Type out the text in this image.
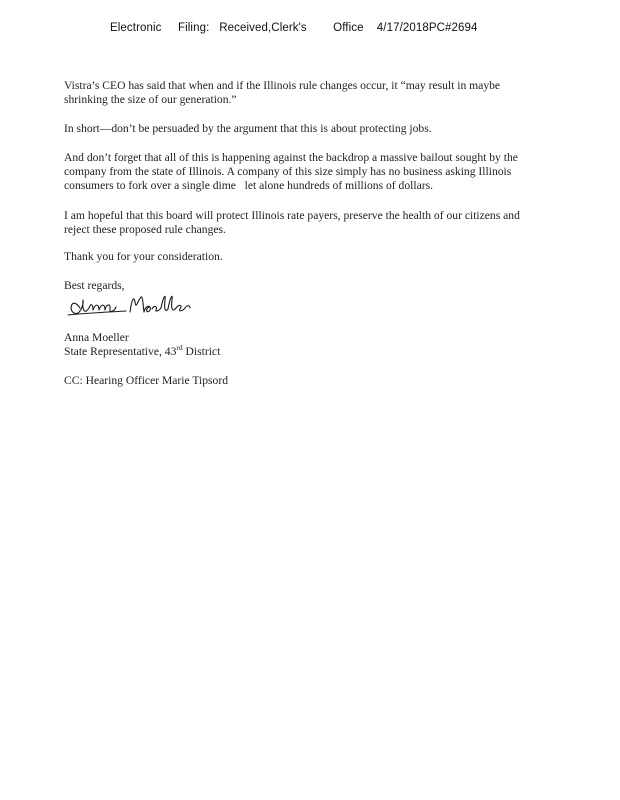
Electronic Filing: Received,Clerk's Office 4/17/2018PC#2694

Vistra’s CEO has said that when and if the Illinois rule changes occur, it “may result in maybe shrinking the size of our generation.”

In short—don’t be persuaded by the argument that this is about protecting jobs.

And don’t forget that all of this is happening against the backdrop a massive bailout sought by the company from the state of Illinois. A company of this size simply has no business asking Illinois consumers to fork over a single dime   let alone hundreds of millions of dollars.

I am hopeful that this board will protect Illinois rate payers, preserve the health of our citizens and reject these proposed rule changes.

Thank you for your consideration.

Best regards,
Anna Moeller
State Representative, 43rd District
CC: Hearing Officer Marie Tipsord
